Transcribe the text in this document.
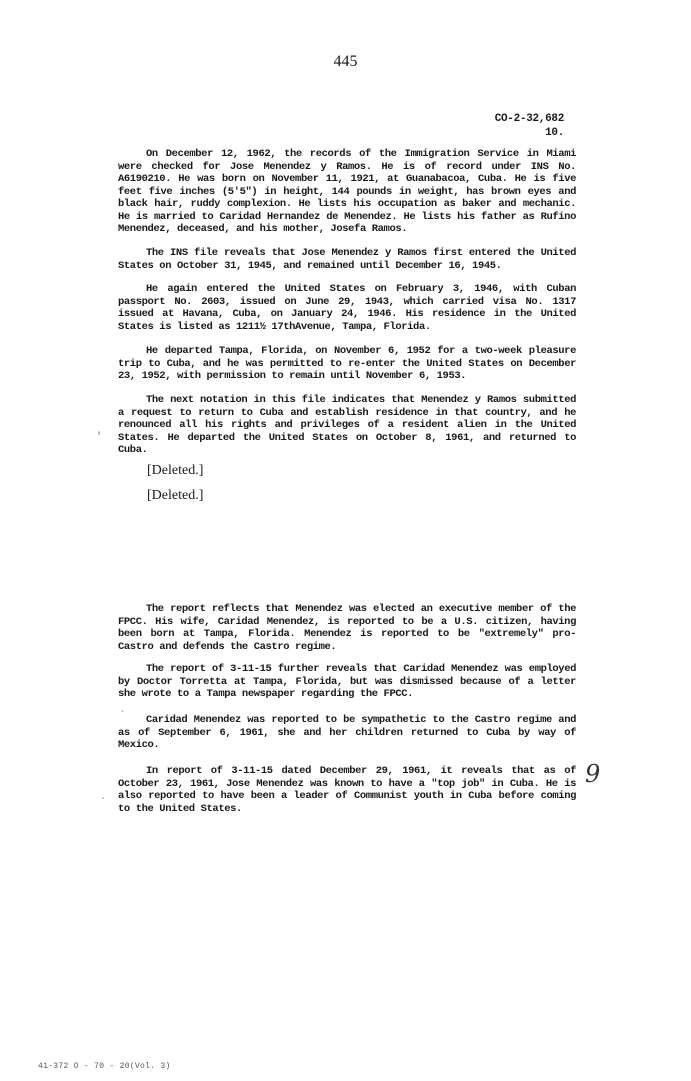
445
CO-2-32,682
10.

On December 12, 1962, the records of the Immigration Service in Miami were checked for Jose Menendez y Ramos. He is of record under INS No. A6190210. He was born on November 11, 1921, at Guanabacoa, Cuba. He is five feet five inches (5'5") in height, 144 pounds in weight, has brown eyes and black hair, ruddy complexion. He lists his occupation as baker and mechanic. He is married to Caridad Hernandez de Menendez. He lists his father as Rufino Menendez, deceased, and his mother, Josefa Ramos.

The INS file reveals that Jose Menendez y Ramos first entered the United States on October 31, 1945, and remained until December 16, 1945.

He again entered the United States on February 3, 1946, with Cuban passport No. 2603, issued on June 29, 1943, which carried visa No. 1317 issued at Havana, Cuba, on January 24, 1946. His residence in the United States is listed as 1211½ 17thAvenue, Tampa, Florida.

He departed Tampa, Florida, on November 6, 1952 for a two-week pleasure trip to Cuba, and he was permitted to re-enter the United States on December 23, 1952, with permission to remain until November 6, 1953.

The next notation in this file indicates that Menendez y Ramos submitted a request to return to Cuba and establish residence in that country, and he renounced all his rights and privileges of a resident alien in the United States. He departed the United States on October 8, 1961, and returned to Cuba.

[Deleted.]
[Deleted.]

The report reflects that Menendez was elected an executive member of the FPCC. His wife, Caridad Menendez, is reported to be a U.S. citizen, having been born at Tampa, Florida. Menendez is reported to be "extremely" pro-Castro and defends the Castro regime.

The report of 3-11-15 further reveals that Caridad Menendez was employed by Doctor Torretta at Tampa, Florida, but was dismissed because of a letter she wrote to a Tampa newspaper regarding the FPCC.

Caridad Menendez was reported to be sympathetic to the Castro regime and as of September 6, 1961, she and her children returned to Cuba by way of Mexico.

In report of 3-11-15 dated December 29, 1961, it reveals that as of October 23, 1961, Jose Menendez was known to have a "top job" in Cuba. He is also reported to have been a leader of Communist youth in Cuba before coming to the United States.

9
′
ˋ
ˎ
41-372 O - 70 - 20(Vol. 3)
